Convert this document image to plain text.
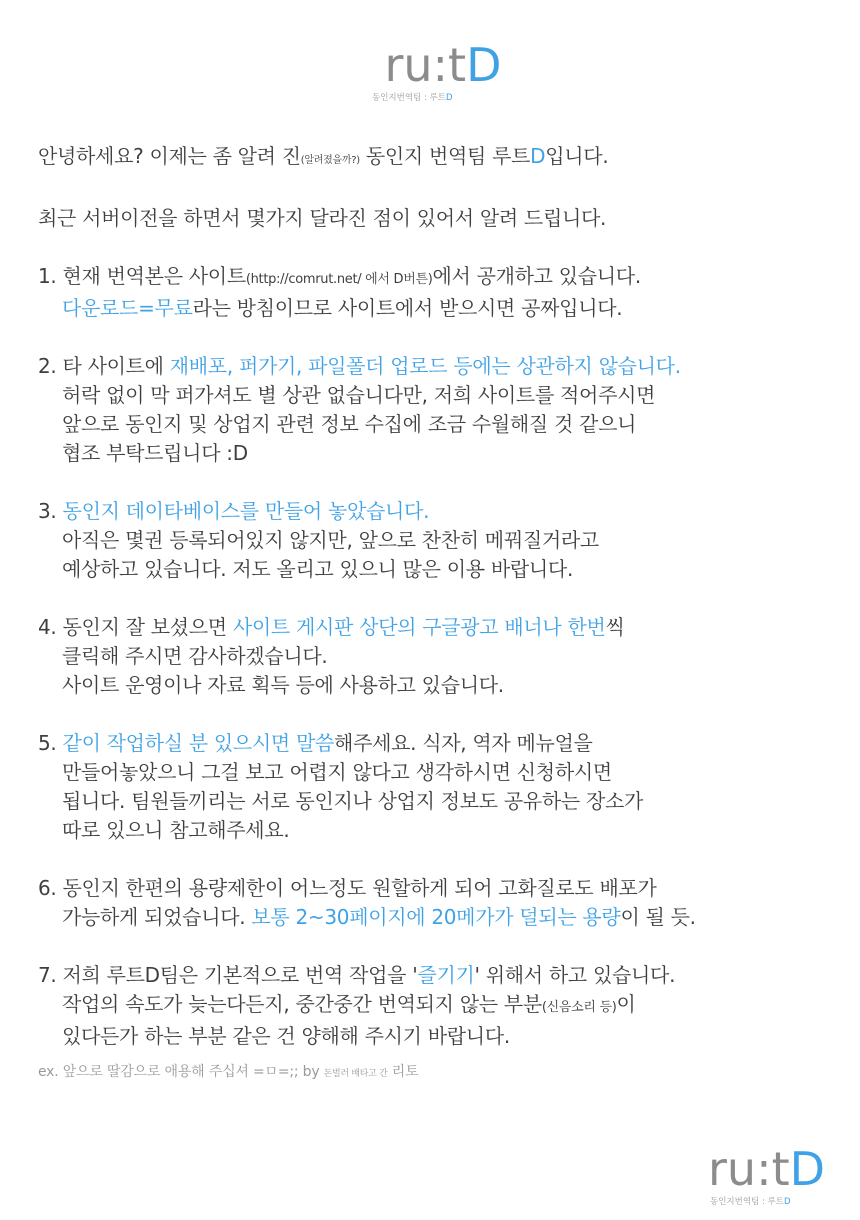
ru:tD
동인지번역팀 : 루트D
안녕하세요? 이제는 좀 알려 진(알려졌을까?) 동인지 번역팀 루트D입니다.
최근 서버이전을 하면서 몇가지 달라진 점이 있어서 알려 드립니다.
1. 현재 번역본은 사이트(http://comrut.net/ 에서 D버튼)에서 공개하고 있습니다.
다운로드=무료라는 방침이므로 사이트에서 받으시면 공짜입니다.
2. 타 사이트에 재배포, 퍼가기, 파일폴더 업로드 등에는 상관하지 않습니다.
허락 없이 막 퍼가셔도 별 상관 없습니다만, 저희 사이트를 적어주시면
앞으로 동인지 및 상업지 관련 정보 수집에 조금 수월해질 것 같으니
협조 부탁드립니다 :D
3. 동인지 데이타베이스를 만들어 놓았습니다.
아직은 몇권 등록되어있지 않지만, 앞으로 찬찬히 메꿔질거라고
예상하고 있습니다. 저도 올리고 있으니 많은 이용 바랍니다.
4. 동인지 잘 보셨으면 사이트 게시판 상단의 구글광고 배너나 한번씩
클릭해 주시면 감사하겠습니다.
사이트 운영이나 자료 획득 등에 사용하고 있습니다.
5. 같이 작업하실 분 있으시면 말씀해주세요. 식자, 역자 메뉴얼을
만들어놓았으니 그걸 보고 어렵지 않다고 생각하시면 신청하시면
됩니다. 팀원들끼리는 서로 동인지나 상업지 정보도 공유하는 장소가
따로 있으니 참고해주세요.
6. 동인지 한편의 용량제한이 어느정도 원할하게 되어 고화질로도 배포가
가능하게 되었습니다. 보통 2~30페이지에 20메가가 덜되는 용량이 될 듯.
7. 저희 루트D팀은 기본적으로 번역 작업을 '즐기기' 위해서 하고 있습니다.
작업의 속도가 늦는다든지, 중간중간 번역되지 않는 부분(신음소리 등)이
있다든가 하는 부분 같은 건 양해해 주시기 바랍니다.
ex. 앞으로 딸감으로 애용해 주십셔 =ㅁ=;; by 돈벌러 배타고 간 리토
ru:tD
동인지번역팀 : 루트D
